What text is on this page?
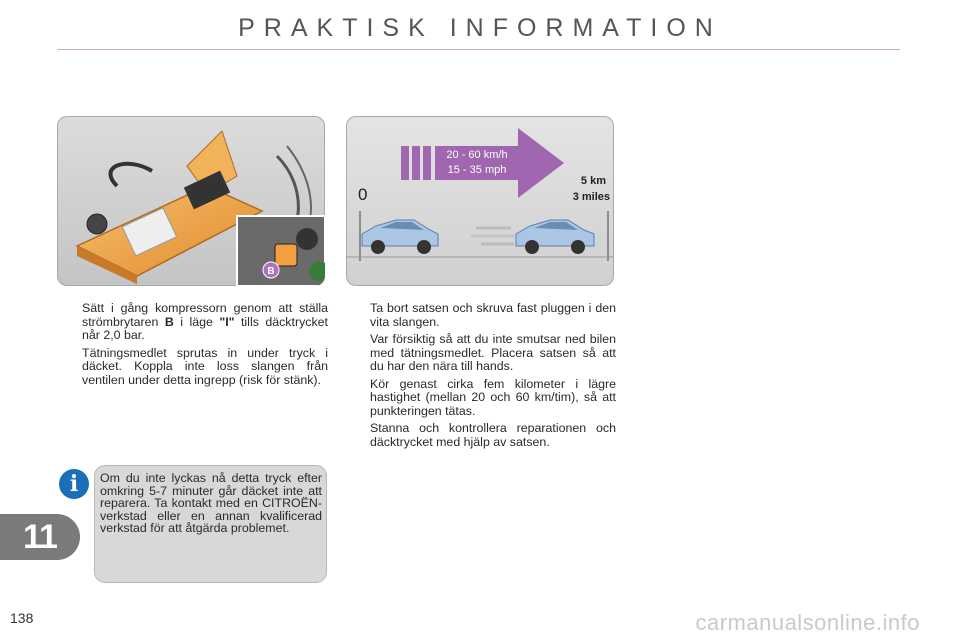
PRAKTISK INFORMATION
B
20 - 60 km/h
15 - 35 mph
0
5 km
3 miles
Sätt i gång kompressorn genom att ställa strömbrytaren B i läge "I" tills däcktrycket når 2,0 bar.
Tätningsmedlet sprutas in under tryck i däcket. Koppla inte loss slangen från ventilen under detta ingrepp (risk för stänk).
Ta bort satsen och skruva fast pluggen i den vita slangen.
Var försiktig så att du inte smutsar ned bilen med tätningsmedlet. Placera satsen så att du har den nära till hands.
Kör genast cirka fem kilometer i lägre hastighet (mellan 20 och 60 km/tim), så att punkteringen tätas.
Stanna och kontrollera reparationen och däcktrycket med hjälp av satsen.
i	Om du inte lyckas nå detta tryck efter omkring 5-7 minuter går däcket inte att reparera. Ta kontakt med en CITROËN-verkstad eller en annan kvalificerad verkstad för att åtgärda problemet.
11
138	carmanualsonline.info
